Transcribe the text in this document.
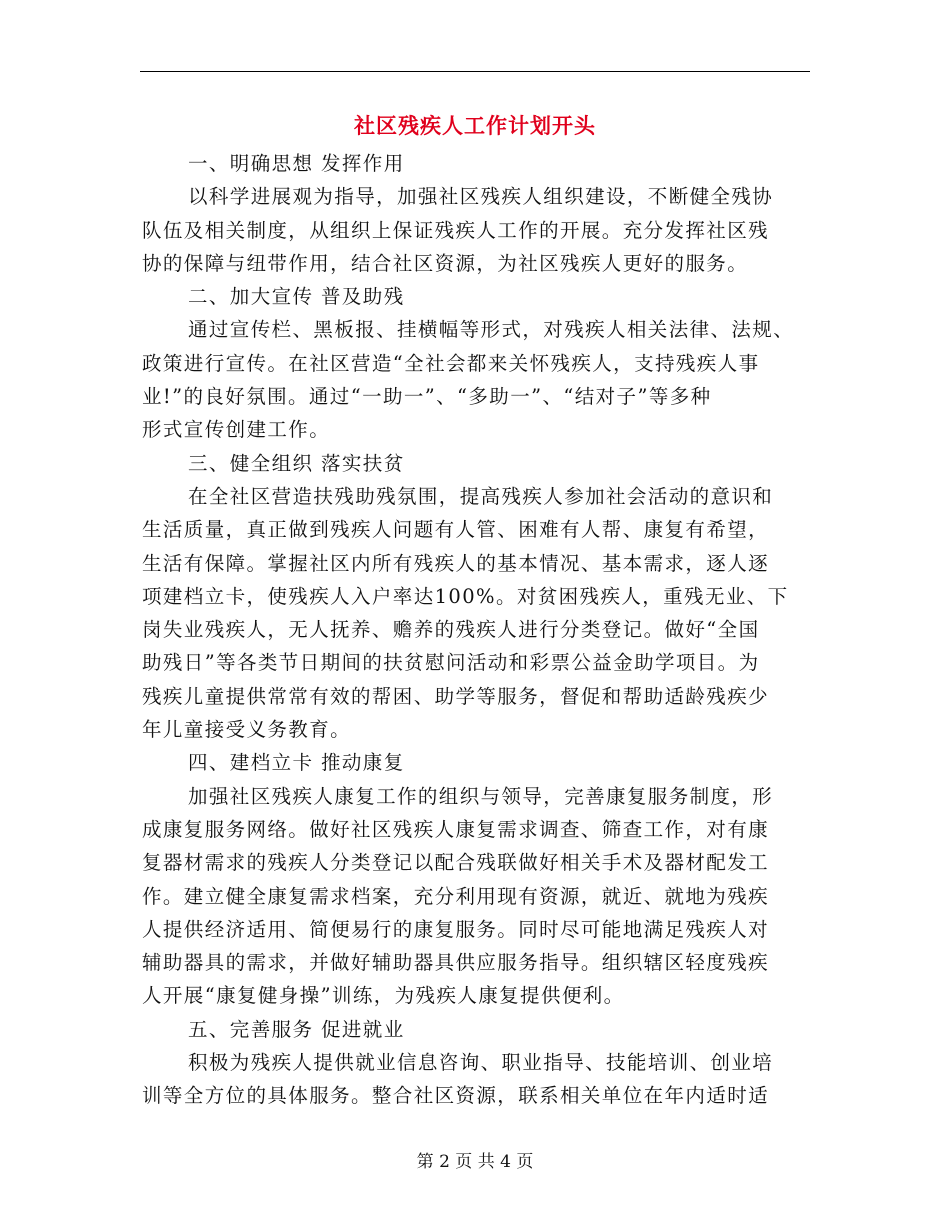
社区残疾人工作计划开头
一、明确思想 发挥作用
以科学进展观为指导，加强社区残疾人组织建设，不断健全残协
队伍及相关制度，从组织上保证残疾人工作的开展。充分发挥社区残
协的保障与纽带作用，结合社区资源，为社区残疾人更好的服务。
二、加大宣传 普及助残
通过宣传栏、黑板报、挂横幅等形式，对残疾人相关法律、法规、
政策进行宣传。在社区营造“全社会都来关怀残疾人，支持残疾人事
业!”的良好氛围。通过“一助一”、“多助一”、“结对子”等多种
形式宣传创建工作。
三、健全组织 落实扶贫
在全社区营造扶残助残氛围，提高残疾人参加社会活动的意识和
生活质量，真正做到残疾人问题有人管、困难有人帮、康复有希望，
生活有保障。掌握社区内所有残疾人的基本情况、基本需求，逐人逐
项建档立卡，使残疾人入户率达100%。对贫困残疾人，重残无业、下
岗失业残疾人，无人抚养、赡养的残疾人进行分类登记。做好“全国
助残日”等各类节日期间的扶贫慰问活动和彩票公益金助学项目。为
残疾儿童提供常常有效的帮困、助学等服务，督促和帮助适龄残疾少
年儿童接受义务教育。
四、建档立卡 推动康复
加强社区残疾人康复工作的组织与领导，完善康复服务制度，形
成康复服务网络。做好社区残疾人康复需求调查、筛查工作，对有康
复器材需求的残疾人分类登记以配合残联做好相关手术及器材配发工
作。建立健全康复需求档案，充分利用现有资源，就近、就地为残疾
人提供经济适用、简便易行的康复服务。同时尽可能地满足残疾人对
辅助器具的需求，并做好辅助器具供应服务指导。组织辖区轻度残疾
人开展“康复健身操”训练，为残疾人康复提供便利。
五、完善服务 促进就业
积极为残疾人提供就业信息咨询、职业指导、技能培训、创业培
训等全方位的具体服务。整合社区资源，联系相关单位在年内适时适
第 2 页 共 4 页
